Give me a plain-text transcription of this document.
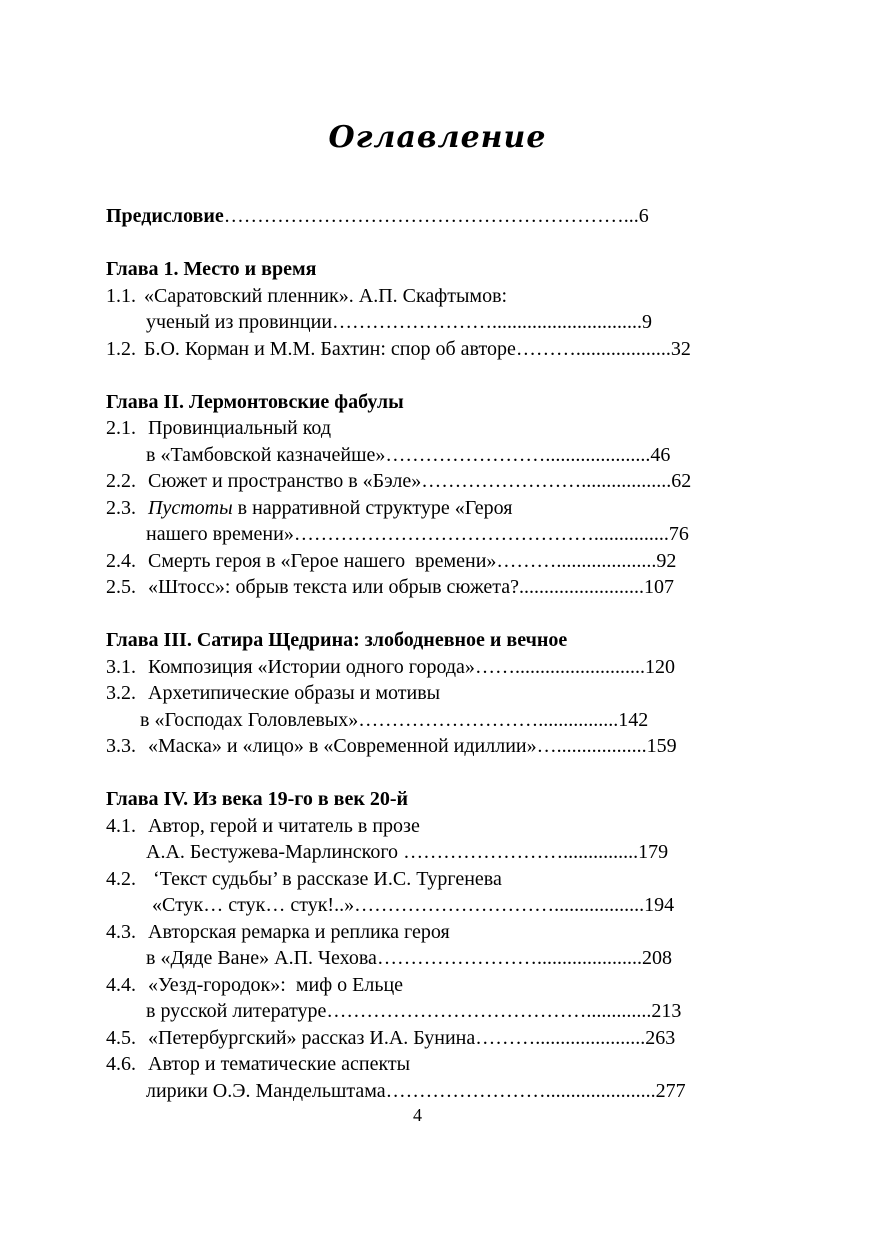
Оглавление
Предисловие……………………………………………………...6
Глава 1. Место и время
1.1. «Саратовский пленник». А.П. Скафтымов:
ученый из провинции……………………..............................9
1.2. Б.О. Корман и М.М. Бахтин: спор об авторе………...................32
Глава II. Лермонтовские фабулы
2.1. Провинциальный код
в «Тамбовской казначейше»…………………….....................46
2.2. Сюжет и пространство в «Бэле»……………………..................62
2.3. Пустоты в нарративной структуре «Героя
нашего времени»………………………………………...............76
2.4. Смерть героя в «Герое нашего  времени»………....................92
2.5. «Штосс»: обрыв текста или обрыв сюжета?.........................107
Глава III. Сатира Щедрина: злободневное и вечное
3.1. Композиция «Истории одного города»……..........................120
3.2. Архетипические образы и мотивы
в «Господах Головлевых»………………………................142
3.3. «Маска» и «лицо» в «Современной идиллии»…..................159
Глава IV. Из века 19-го в век 20-й
4.1. Автор, герой и читатель в прозе
А.А. Бестужева-Марлинского ……………………...............179
4.2. ‘Текст судьбы’ в рассказе И.С. Тургенева
«Стук… стук… стук!..»…………………………..................194
4.3. Авторская ремарка и реплика героя
в «Дяде Ване» А.П. Чехова…………………….....................208
4.4. «Уезд-городок»:  миф о Ельце
в русской литературе………………………………….............213
4.5. «Петербургский» рассказ И.А. Бунина………......................263
4.6. Автор и тематические аспекты
лирики О.Э. Мандельштама……………………......................277
4
